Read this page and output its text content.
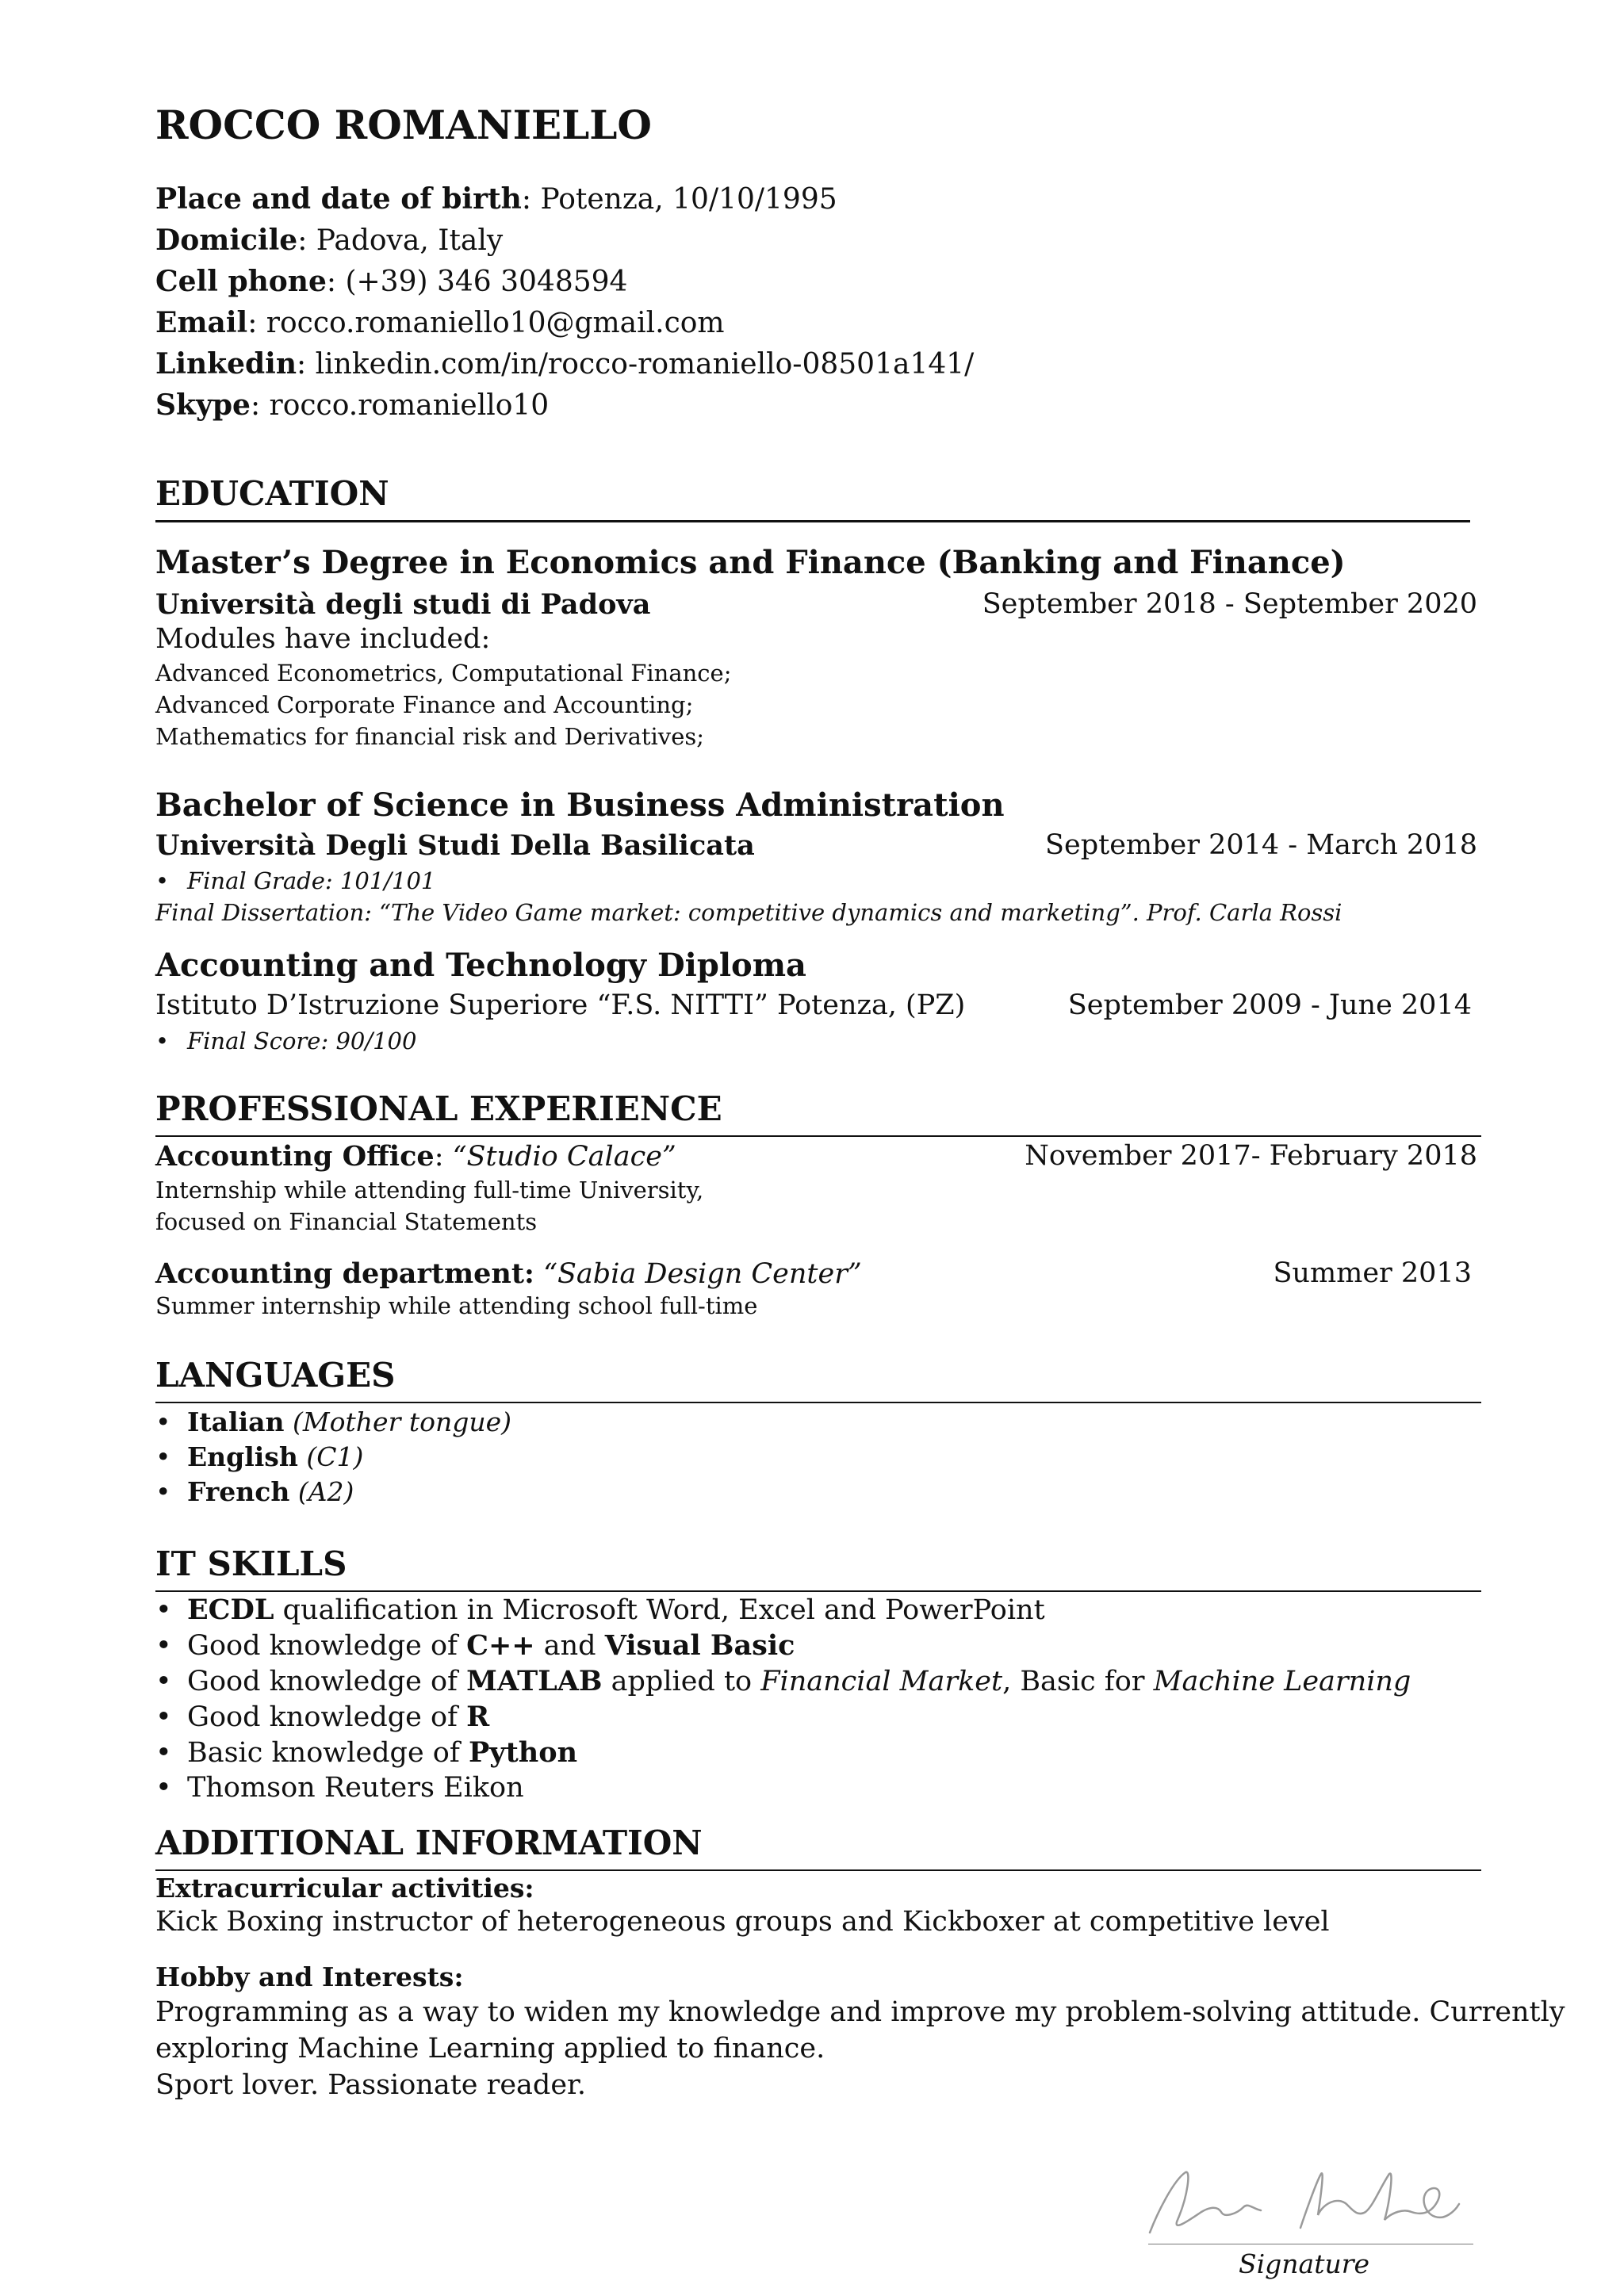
ROCCO ROMANIELLO
Place and date of birth: Potenza, 10/10/1995
Domicile: Padova, Italy
Cell phone: (+39) 346 3048594
Email: rocco.romaniello10@gmail.com
Linkedin: linkedin.com/in/rocco-romaniello-08501a141/
Skype: rocco.romaniello10
EDUCATION
Master’s Degree in Economics and Finance (Banking and Finance)
Università degli studi di Padova	September 2018 - September 2020
Modules have included:
Advanced Econometrics, Computational Finance;
Advanced Corporate Finance and Accounting;
Mathematics for financial risk and Derivatives;
Bachelor of Science in Business Administration
Università Degli Studi Della Basilicata	September 2014 - March 2018
• Final Grade: 101/101
Final Dissertation: “The Video Game market: competitive dynamics and marketing”. Prof. Carla Rossi
Accounting and Technology Diploma
Istituto D’Istruzione Superiore “F.S. NITTI” Potenza, (PZ)	September 2009 - June 2014
• Final Score: 90/100
PROFESSIONAL EXPERIENCE
Accounting Office: “Studio Calace”	November 2017- February 2018
Internship while attending full-time University,
focused on Financial Statements
Accounting department: “Sabia Design Center”	Summer 2013
Summer internship while attending school full-time
LANGUAGES
• Italian (Mother tongue)
• English (C1)
• French (A2)
IT SKILLS
• ECDL qualification in Microsoft Word, Excel and PowerPoint
• Good knowledge of C++ and Visual Basic
• Good knowledge of MATLAB applied to Financial Market, Basic for Machine Learning
• Good knowledge of R
• Basic knowledge of Python
• Thomson Reuters Eikon
ADDITIONAL INFORMATION
Extracurricular activities:
Kick Boxing instructor of heterogeneous groups and Kickboxer at competitive level
Hobby and Interests:
Programming as a way to widen my knowledge and improve my problem-solving attitude. Currently
exploring Machine Learning applied to finance.
Sport lover. Passionate reader.
Signature
